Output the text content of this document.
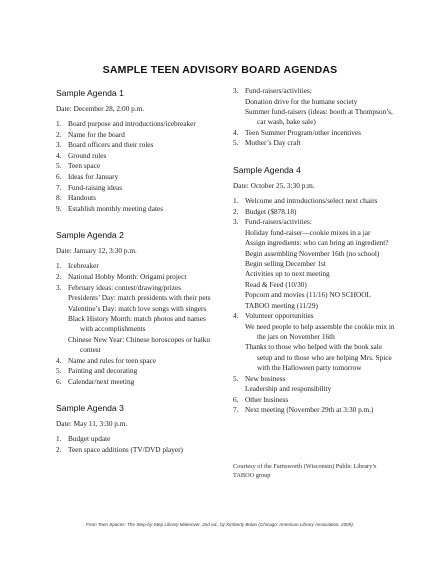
SAMPLE TEEN ADVISORY BOARD AGENDAS
Sample Agenda 1
Date: December 28, 2:00 p.m.
1. Board purpose and introductions/icebreaker
2. Name for the board
3. Board officers and their roles
4. Ground rules
5. Teen space
6. Ideas for January
7. Fund-raising ideas
8. Handouts
9. Establish monthly meeting dates
Sample Agenda 2
Date: January 12, 3:30 p.m.
1. Icebreaker
2. National Hobby Month: Origami project
3. February ideas: contest/drawing/prizes
Presidents’ Day: match presidents with their pets
Valentine’s Day: match love songs with singers
Black History Month: match photos and names
with accomplishments
Chinese New Year: Chinese horoscopes or haiku
contest
4. Name and rules for teen space
5. Painting and decorating
6. Calendar/next meeting
Sample Agenda 3
Date: May 11, 3:30 p.m.
1. Budget update
2. Teen space additions (TV/DVD player)
3. Fund-raisers/activities:
Donation drive for the humane society
Summer fund-raisers (ideas: booth at Thompson’s,
car wash, bake sale)
4. Teen Summer Program/other incentives
5. Mother’s Day craft
Sample Agenda 4
Date: October 25, 3:30 p.m.
1. Welcome and introductions/select next chairs
2. Budget ($878.18)
3. Fund-raisers/activities:
Holiday fund-raiser—cookie mixes in a jar
Assign ingredients: who can bring an ingredient?
Begin assembling November 16th (no school)
Begin selling December 1st
Activities up to next meeting
Read & Feed (10/30)
Popcorn and movies (11/16) NO SCHOOL
TABOO meeting (11/29)
4. Volunteer opportunities
We need people to help assemble the cookie mix in
the jars on November 16th
Thanks to those who helped with the book sale
setup and to those who are helping Mrs. Spice
with the Halloween party tomorrow
5. New business
Leadership and responsibility
6. Other business
7. Next meeting (November 29th at 3:30 p.m.)
Courtesy of the Farnsworth (Wisconsin) Public Library’s
TABOO group
From Teen Spaces: The Step-by-Step Library Makeover, 2nd ed., by Kimberly Bolan (Chicago: American Library Association, 2009).
